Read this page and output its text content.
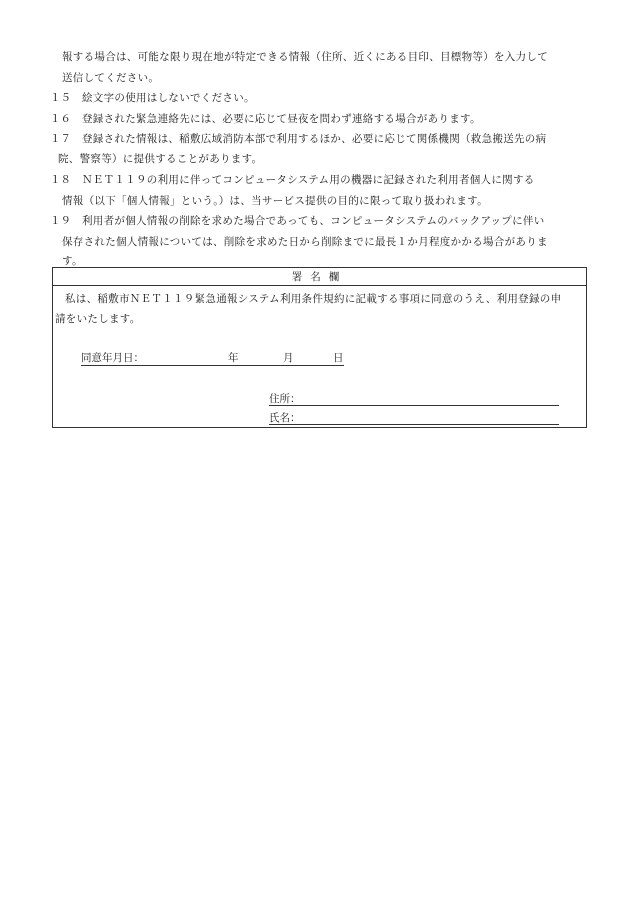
報する場合は、可能な限り現在地が特定できる情報（住所、近くにある目印、目標物等）を入力して
送信してください。
１５ 絵文字の使用はしないでください。
１６ 登録された緊急連絡先には、必要に応じて昼夜を問わず連絡する場合があります。
１７ 登録された情報は、稲敷広域消防本部で利用するほか、必要に応じて関係機関（救急搬送先の病
院、警察等）に提供することがあります。
１８ ＮＥＴ１１９の利用に伴ってコンピュータシステム用の機器に記録された利用者個人に関する
情報（以下「個人情報」という。）は、当サービス提供の目的に限って取り扱われます。
１９ 利用者が個人情報の削除を求めた場合であっても、コンピュータシステムのバックアップに伴い
保存された個人情報については、削除を求めた日から削除までに最長１か月程度かかる場合がありま
す。
署名欄
私は、稲敷市ＮＥＴ１１９緊急通報システム利用条件規約に記載する事項に同意のうえ、利用登録の申
請をいたします。
同意年月日：	年	月	日
住所：
氏名：
